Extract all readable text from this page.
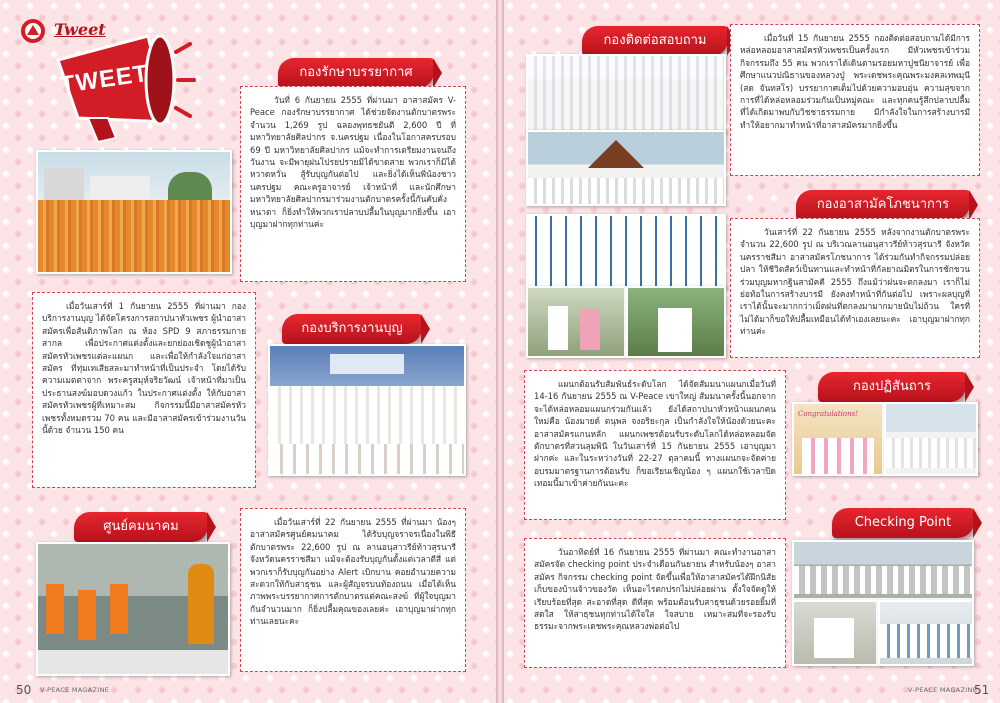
Tweet
TWEET	กองรักษาบรรยากาศ
วันที่ 6 กันยายน 2555 ที่ผ่านมา อาสาสมัคร V-Peace กองรักษาบรรยากาศ ได้ช่วยจัดงานตักบาตรพระจำนวน 1,269 รูป ฉลองพุทธชยันตี 2,600 ปี ที่มหาวิทยาลัยศิลปากร จ.นครปฐม เนื่องในโอกาสครบรอบ 69 ปี มหาวิทยาลัยศิลปากร แม้จะทำการเตรียมงานจนถึงวันงาน จะมีพายุฝนโปรยปรายมิได้ขาดสาย พวกเราก็มิได้หวาดหวั่น สู้รับบุญกันต่อไป และยิ่งได้เห็นพี่น้องชาวนครปฐม คณะครูอาจารย์ เจ้าหน้าที่ และนักศึกษามหาวิทยาลัยศิลปากรมาร่วมงานตักบาตรครั้งนี้กันคับคั่งหนาตา ก็ยิ่งทำให้พวกเราปลาบปลื้มในบุญมากยิ่งขึ้น เอาบุญมาฝากทุกท่านค่ะ
เมื่อวันเสาร์ที่ 1 กันยายน 2555 ที่ผ่านมา กองบริการงานบุญ ได้จัดโครงการสถาปนาหัวเพชร ผู้นำอาสาสมัครเพื่อสันติภาพโลก ณ ห้อง SPD 9 สภาธรรมกายสากล เพื่อประกาศแต่งตั้งและยกย่องเชิดชูผู้นำอาสาสมัครหัวเพชรแต่ละแผนก และเพื่อให้กำลังใจแก่อาสาสมัคร ที่ทุ่มเทเสียสละมาทำหน้าที่เป็นประจำ โดยได้รับความเมตตาจาก พระครูสมุห์จริยวัฒน์ เจ้าหน้าที่มาเป็นประธานสงฆ์มอบดวงแก้ว ในประกาศแต่งตั้ง ให้กับอาสาสมัครหัวเพชรผู้ที่เหมาะสม กิจกรรมนี้มีอาสาสมัครหัวเพชรทั้งหมดรวม 70 คน และมีอาสาสมัครเข้าร่วมงานวันนี้ด้วย จำนวน 150 คน
กองบริการงานบุญ
ศูนย์คมนาคม	เมื่อวันเสาร์ที่ 22 กันยายน 2555 ที่ผ่านมา น้องๆ อาสาสมัครศูนย์คมนาคม ได้รับบุญจราจรเนื่องในพิธีตักบาตรพระ 22,600 รูป ณ ลานอนุสาวรีย์ท้าวสุรนารี จังหวัดนครราชสีมา แม้จะต้องรับบุญกันตั้งแต่เวลาตีสี่ แต่พวกเราก็รับบุญกันอย่าง Alert เบิกบาน คอยอำนวยความสะดวกให้กับสาธุชน และผู้สัญจรบนท้องถนน เมื่อได้เห็นภาพพระบรรยากาศการตักบาตรแต่คณะสงฆ์ ที่ผู้ใจบุญมากันจำนวนมาก ก็ยิ่งปลื้มคุณของเลยค่ะ เอาบุญมาฝากทุกท่านเลยนะคะ
50 V-PEACE MAGAZINE
กองติดต่อสอบถาม	เมื่อวันที่ 15 กันยายน 2555 กองติดต่อสอบถามได้มีการหล่อหลอมอาสาสมัครหัวเพชรเป็นครั้งแรก มีหัวเพชรเข้าร่วมกิจกรรมถึง 55 คน พวกเราได้เดินตามรอยมหาปูชนียาจารย์ เพื่อศึกษาแนวปณิธานของหลวงปู่ พระเดชพระคุณพระมงคลเทพมุนี (สด จันทสโร) บรรยากาศเต็มไปด้วยความอบอุ่น ความสุขจากการที่ได้หล่อหลอมร่วมกันเป็นหมู่คณะ และทุกคนรู้สึกปลาบปลื้มที่ได้เกิดมาพบกับวิชชาธรรมกาย มีกำลังใจในการสร้างบารมี ทำให้อยากมาทำหน้าที่อาสาสมัครมากยิ่งขึ้น
กองอาสามัคโภชนาการ
วันเสาร์ที่ 22 กันยายน 2555 หลังจากงานตักบาตรพระจำนวน 22,600 รูป ณ บริเวณลานอนุสาวรีย์ท้าวสุรนารี จังหวัดนครราชสีมา อาสาสมัครโภชนาการ ได้ร่วมกันทำกิจกรรมปล่อยปลา ให้ชีวิตสัตว์เป็นทานและทำหน้าที่กัลยาณมิตรในการชักชวนร่วมบุญมหากฐินสามัคคี 2555 ถึงแม้ว่าฝนจะตกลงมา เราก็ไม่ย่อท้อในการสร้างบารมี ยังคงทำหน้าที่กันต่อไป เพราะผลบุญที่เราได้นั้นจะมากกว่าเม็ดฝนที่ตกลงมามากมายนับไม่ถ้วน ใครที่ไม่ได้มาก็ขอให้ปลื้มเหมือนได้ทำเองเลยนะคะ เอาบุญมาฝากทุกท่านค่ะ
แผนกต้อนรับสัมพันธ์ระดับโลก ได้จัดสัมมนาแผนกเมื่อวันที่ 14-16 กันยายน 2555 ณ V-Peace เขาใหญ่ สัมมนาครั้งนี้นอกจากจะได้หล่อหลอมแผนกร่วมกันแล้ว ยังได้สถาปนาหัวหน้าแผนกคนใหม่คือ น้องมายด์ ตนุพล จงอริยะกุล เป็นกำลังใจให้น้องด้วยนะคะ อาสาสมัครแกนหลัก แผนกเพชรต้อนรับระดับโลกได้หล่อหลอมจัดตักบาตรที่สวนลุมพินี ในวันเสาร์ที่ 15 กันยายน 2555 เอาบุญมาฝากค่ะ และในระหว่างวันที่ 22-27 ตุลาคมนี้ ทางแผนกจะจัดค่ายอบรมมาตรฐานการต้อนรับ ก็ขอเรียนเชิญน้อง ๆ แผนกใช้เวลาปิดเทอมนี้มาเข้าค่ายกันนะคะ
กองปฏิสันถาร
Congratulations!
วันอาทิตย์ที่ 16 กันยายน 2555 ที่ผ่านมา คณะทำงานอาสาสมัครจัด checking point ประจำเดือนกันยายน สำหรับน้องๆ อาสาสมัคร กิจกรรม checking point จัดขึ้นเพื่อให้อาสาสมัครได้ฝึกนิสัยเก็บของบ้านจ้าวของวัด เห็นอะไรตกปรกไม่ปล่อยผ่าน ตั้งใจจัดดูให้เรียบร้อยที่สุด สะอาดที่สุด ดีที่สุด พร้อมต้อนรับสาธุชนด้วยรอยยิ้มที่สดใส ให้สาธุชนทุกท่านได้ใจใส ใจสบาย เหมาะสมที่จะรองรับธรรมะจากพระเดชพระคุณหลวงพ่อต่อไป
Checking Point
V-PEACE MAGAZINE
51
